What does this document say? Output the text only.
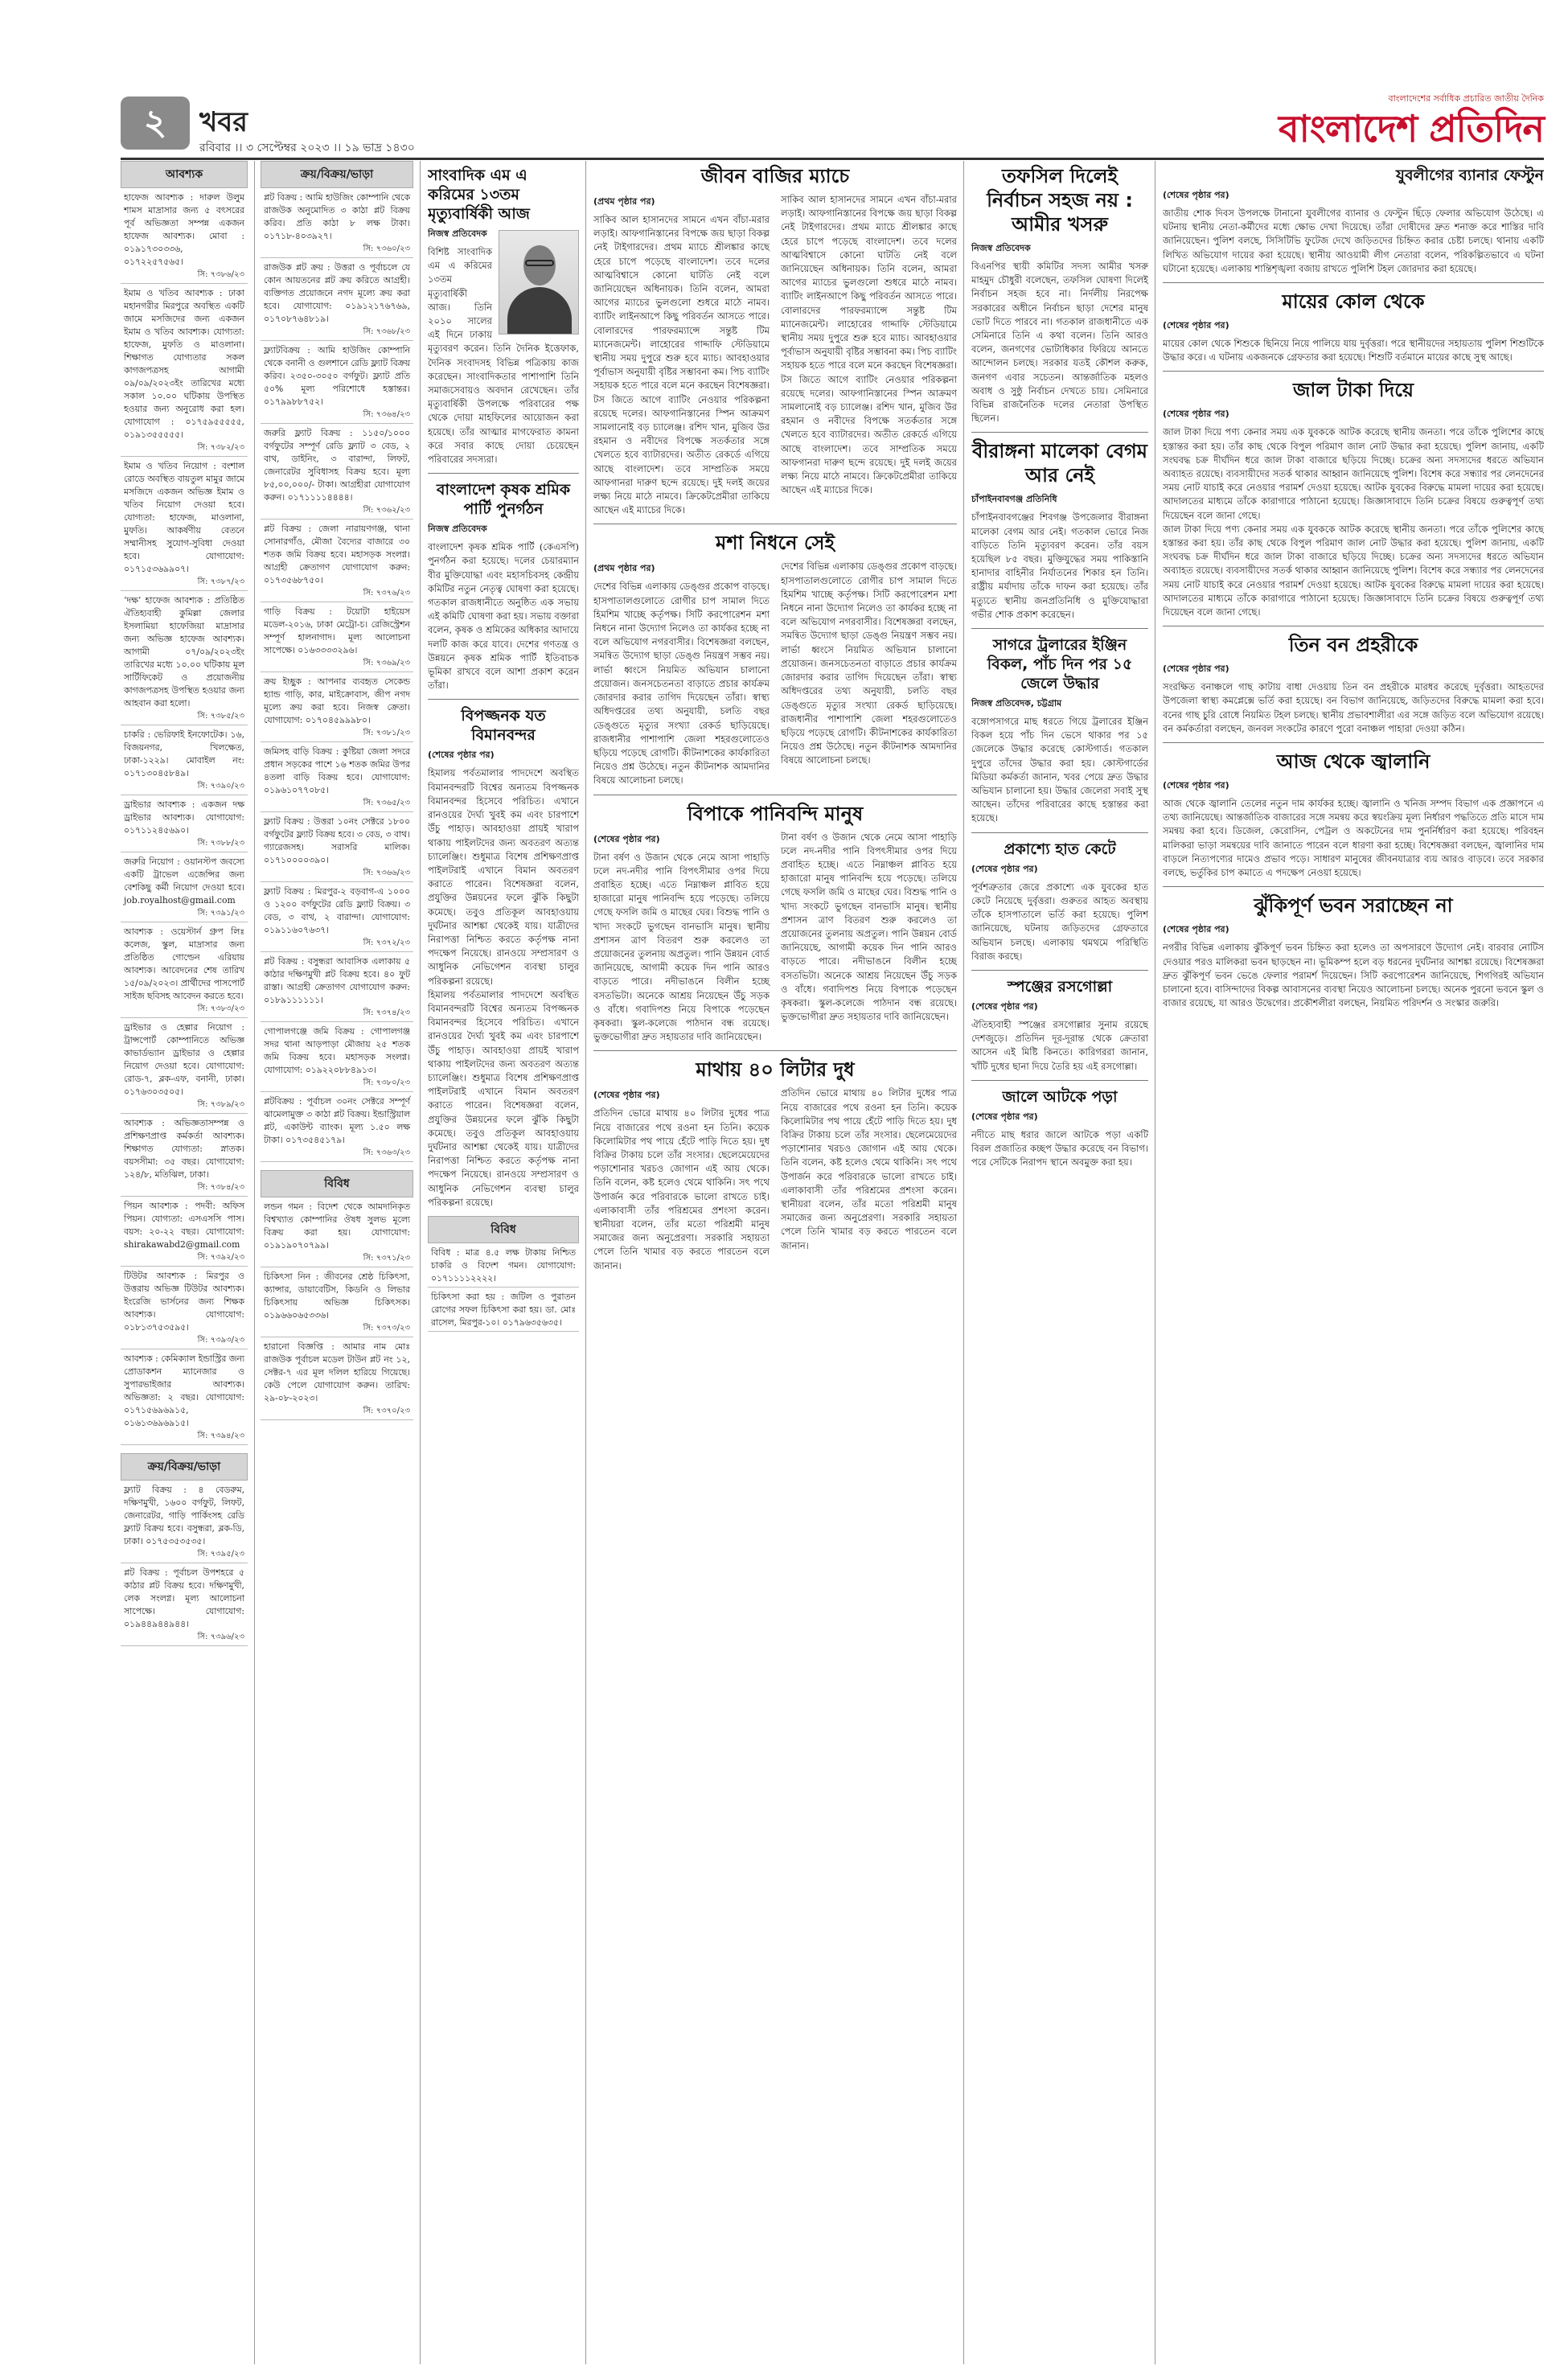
২	খবর
রবিবার ।। ৩ সেপ্টেম্বর ২০২৩ ।। ১৯ ভাদ্র ১৪৩০
বাংলাদেশের সর্বাধিক প্রচারিত জাতীয় দৈনিক
বাংলাদেশ প্রতিদিন
আবশ্যক
হাফেজ আবশ্যক : দারুল উলুম শামস মাদ্রাসার জন্য ৫ বৎসরের পূর্ব অভিজ্ঞতা সম্পন্ন একজন হাফেজ আবশ্যক। মোবা : ০১৯১৭৩০৩৩৬, ০১৭২২৫৭৫৬৫।
সি: ৭৩৮৬/২৩
ইমাম ও খতিব আবশ্যক : ঢাকা মহানগরীর মিরপুরে অবস্থিত একটি জামে মসজিদের জন্য একজন ইমাম ও খতিব আবশ্যক। যোগ্যতা: হাফেজ, মুফতি ও মাওলানা। শিক্ষাগত যোগ্যতার সকল কাগজপত্রসহ আগামী ০৯/০৯/২০২৩ইং তারিখের মধ্যে সকাল ১০.০০ ঘটিকায় উপস্থিত হওয়ার জন্য অনুরোধ করা হল। যোগাযোগ : ০১৭৫৯৫৫৫৫৫, ০১৯১৩৫৫৫৫৫।
সি: ৭৩৮২/২৩
ইমাম ও খতিব নিয়োগ : বংশাল রোডে অবস্থিত বায়তুল মামুর জামে মসজিদে একজন অভিজ্ঞ ইমাম ও খতিব নিয়োগ দেওয়া হবে। যোগ্যতা: হাফেজ, মাওলানা, মুফতি। আকর্ষণীয় বেতনে সম্মানীসহ সুযোগ-সুবিধা দেওয়া হবে। যোগাযোগ: ০১৭১৫৩৬৯৯০৭।
সি: ৭৩৮৭/২৩
‘দক্ষ’ হাফেজ আবশ্যক : প্রতিষ্ঠিত ঐতিহ্যবাহী কুমিল্লা জেলার ইসলামিয়া হাফেজিয়া মাদ্রাসার জন্য অভিজ্ঞ হাফেজ আবশ্যক। আগামী ০৭/০৯/২০২৩ইং তারিখের মধ্যে ১০.০০ ঘটিকায় মূল সার্টিফিকেট ও প্রয়োজনীয় কাগজপত্রসহ উপস্থিত হওয়ার জন্য আহবান করা হলো।
সি: ৭৩৮৫/২৩
চাকরি : ভেরিফাই ইনফোটেক। ১৬, বিজয়নগর, খিলক্ষেত, ঢাকা-১২২৯। মোবাইল নং: ০১৭১৩০৪৫৮৪৯।
সি: ৭৩৯০/২৩
ড্রাইভার আবশ্যক : একজন দক্ষ ড্রাইভার আবশ্যক। যোগাযোগ: ০১৭১১২৪৫৬৯০।
সি: ৭৩৮৮/২৩
জরুরি নিয়োগ : ওয়ানস্টপ জবস্যে একটি ট্রাভেল এজেন্সির জন্য বেশকিছু কর্মী নিয়োগ দেওয়া হবে। job.royalhost@gmail.com
সি: ৭৩৯১/২৩
আবশ্যক : ওয়েস্টার্ন গ্রুপ লিঃ কলেজ, স্কুল, মাদ্রাসার জন্য প্রতিষ্ঠিত গোল্ডেন এরিয়ায় আবশ্যক। আবেদনের শেষ তারিখ ১৫/০৯/২০২৩। প্রার্থীদের পাসপোর্ট সাইজ ছবিসহ আবেদন করতে হবে।
সি: ৭৩৮৩/২৩
ড্রাইভার ও হেল্পার নিয়োগ : ট্রান্সপোর্ট কোম্পানিতে অভিজ্ঞ কাভার্ডভ্যান ড্রাইভার ও হেল্পার নিয়োগ দেওয়া হবে। যোগাযোগ: রোড-৭, ব্লক-এফ, বনানী, ঢাকা। ০১৭৬৩০৩৫০৫।
সি: ৭৩৮৯/২৩
আবশ্যক : অভিজ্ঞতাসম্পন্ন ও প্রশিক্ষণপ্রাপ্ত কর্মকর্তা আবশ্যক। শিক্ষাগত যোগ্যতা: স্নাতক। বয়সসীমা: ৩৫ বছর। যোগাযোগ: ১২৪/৮, মতিঝিল, ঢাকা।
সি: ৭৩৮৪/২৩
পিয়ন আবশ্যক : পদবী: অফিস পিয়ন। যোগ্যতা: এসএসসি পাস। বয়স: ২০-২২ বছর। যোগাযোগ: shirakawabd2@gmail.com
সি: ৭৩৯২/২৩
টিউটর আবশ্যক : মিরপুর ও উত্তরায় অভিজ্ঞ টিউটর আবশ্যক। ইংরেজি ভার্সনের জন্য শিক্ষক আবশ্যক। যোগাযোগ: ০১৮১৩৭৫৩৫৯৫।
সি: ৭৩৯৩/২৩
আবশ্যক : কেমিক্যাল ইন্ডাস্ট্রির জন্য প্রোডাকশন ম্যানেজার ও সুপারভাইজার আবশ্যক। অভিজ্ঞতা: ২ বছর। যোগাযোগ: ০১৭১৫৬৯৬৯১৫, ০১৬১৩৬৯৬৯১৫।
সি: ৭৩৯৪/২৩
ক্রয়/বিক্রয়/ভাড়া
ফ্ল্যাট বিক্রয় : ৪ বেডরুম, দক্ষিণমুখী, ১৬০০ বর্গফুট, লিফট, জেনারেটর, গাড়ি পার্কিংসহ রেডি ফ্ল্যাট বিক্রয় হবে। বসুন্ধরা, ব্লক-ডি, ঢাকা। ০১৭৫৩৫৩৫৩৫।
সি: ৭৩৯৫/২৩
প্লট বিক্রয় : পূর্বাচল উপশহরে ৫ কাঠার প্লট বিক্রয় হবে। দক্ষিণমুখী, লেক সংলগ্ন। মূল্য আলোচনা সাপেক্ষে। যোগাযোগ: ০১৯৪৪৯৪৪৯৪৪।
সি: ৭৩৯৬/২৩
ক্রয়/বিক্রয়/ভাড়া
প্লট বিক্রয় : আমি হাউজিং কোম্পানি থেকে রাজউক অনুমোদিত ৩ কাঠা প্লট বিক্রয় করিব। প্রতি কাঠা ৮ লক্ষ টাকা। ০১৭১৮-৪০৩৯২৭।
সি: ৭৩৬০/২৩
রাজউক প্লট ক্রয় : উত্তরা ও পূর্বাচলে যে কোন আয়তনের প্লট ক্রয় করিতে আগ্রহী। ব্যক্তিগত প্রয়োজনে নগদ মূল্যে ক্রয় করা হবে। যোগাযোগ: ০১৯১২১৭৬৭৬৯, ০১৭০৮৭৬৪৮১৯।
সি: ৭৩৬৮/২৩
ফ্ল্যাটবিক্রয় : আমি হাউজিং কোম্পানি থেকে বনানী ও গুলশানে রেডি ফ্ল্যাট বিক্রয় করিব। ২৩৫০-৩০৫০ বর্গফুট। ফ্ল্যাট প্রতি ৫০% মূল্য পরিশোধে হস্তান্তর। ০১৭৯৯৮৮৭৫২।
সি: ৭৩৬৪/২৩
জরুরি ফ্ল্যাট বিক্রয় : ১১৫০/১০০০ বর্গফুটের সম্পূর্ণ রেডি ফ্ল্যাট ৩ বেড, ২ বাথ, ডাইনিং, ৩ বারান্দা, লিফট, জেনারেটর সুবিধাসহ বিক্রয় হবে। মূল্য ৮৫,০০,০০০/- টাকা। আগ্রহীরা যোগাযোগ করুন। ০১৭১১১১৪৪৪৪।
সি: ৭৩৬২/২৩
প্লট বিক্রয় : জেলা নারায়ণগঞ্জ, থানা সোনারগাঁও, মৌজা বৈদ্যের বাজারে ৩০ শতক জমি বিক্রয় হবে। মহাসড়ক সংলগ্ন। আগ্রহী ক্রেতাগণ যোগাযোগ করুন: ০১৭৩৫৬৮৭৫০।
সি: ৭৩৭৬/২৩
গাড়ি বিক্রয় : টয়োটা হাইয়েস মডেল-২০১৬, ঢাকা মেট্রো-চ। রেজিস্ট্রেশন সম্পূর্ণ হালনাগাদ। মূল্য আলোচনা সাপেক্ষে। ০১৬৩৩৩৩২৯৬।
সি: ৭৩৬৯/২৩
ক্রয় ইচ্ছুক : আপনার ব্যবহৃত সেকেন্ড হ্যান্ড গাড়ি, কার, মাইক্রোবাস, জীপ নগদ মূল্যে ক্রয় করা হবে। নিজস্ব ক্রেতা। যোগাযোগ: ০১৭০৪৫৯৯৯৮০।
সি: ৭৩৮১/২৩
জমিসহ বাড়ি বিক্রয় : কুষ্টিয়া জেলা সদরে প্রধান সড়কের পাশে ১৬ শতক জমির উপর ৪তলা বাড়ি বিক্রয় হবে। যোগাযোগ: ০১৯৬১০৭৭০৮৫।
সি: ৭৩৬৫/২৩
ফ্ল্যাট বিক্রয় : উত্তরা ১০নং সেক্টরে ১৮০০ বর্গফুটের ফ্ল্যাট বিক্রয় হবে। ৩ বেড, ৩ বাথ। গ্যারেজসহ। সরাসরি মালিক। ০১৭১০০০০৩৯০।
সি: ৭৩৬৬/২৩
ফ্ল্যাট বিক্রয় : মিরপুর-২ বড়বাগ-এ ১০০০ ও ১২০০ বর্গফুটের রেডি ফ্ল্যাট বিক্রয়। ৩ বেড, ৩ বাথ, ২ বারান্দা। যোগাযোগ: ০১৯১১৬০৭৬৩৭।
সি: ৭৩৭২/২৩
প্লট বিক্রয় : বসুন্ধরা আবাসিক এলাকায় ৫ কাঠার দক্ষিণমুখী প্লট বিক্রয় হবে। ৪০ ফুট রাস্তা। আগ্রহী ক্রেতাগণ যোগাযোগ করুন: ০১৮৯১১১১১১।
সি: ৭৩৭৪/২৩
গোপালগঞ্জে জমি বিক্রয় : গোপালগঞ্জ সদর থানা আড়পাড়া মৌজায় ২৫ শতক জমি বিক্রয় হবে। মহাসড়ক সংলগ্ন। যোগাযোগ: ০১৯২২০৮৮৪৯১৩।
সি: ৭৩৮০/২৩
প্লটবিক্রয় : পূর্বাচল ৩০নং সেক্টরে সম্পূর্ণ ঝামেলামুক্ত ৩ কাঠা প্লট বিক্রয়। ইন্ডাস্ট্রিয়াল প্লট, একাউন্ট ব্যাংক। মূল্য ১.৫০ লক্ষ টাকা। ০১৭৩৫৪৫১৭৯।
সি: ৭৩৬৩/২৩
বিবিধ
লন্ডন গমন : বিদেশ থেকে আমদানিকৃত বিশ্বখ্যাত কোম্পানির ঔষধ সুলভ মূল্যে বিক্রয় করা হয়। যোগাযোগ: ০১৯১৯০৭০৭৯৯।
সি: ৭৩৭১/২৩
চিকিৎসা নিন : জীবনের শ্রেষ্ঠ চিকিৎসা, ক্যান্সার, ডায়াবেটিস, কিডনি ও লিভার চিকিৎসায় অভিজ্ঞ চিকিৎসক। ০১৯৬৬০৬৫৩৩৬।
সি: ৭৩৭৩/২৩
হারানো বিজ্ঞপ্তি : আমার নাম মোঃ রাজউক পূর্বাচল মডেল টাউন প্লট নং ১২, সেক্টর-৭ এর মূল দলিল হারিয়ে গিয়েছে। কেউ পেলে যোগাযোগ করুন। তারিখ: ২৯-০৮-২০২৩।
সি: ৭৩৭০/২৩
সাংবাদিক এম এ করিমের ১৩তম মৃত্যুবার্ষিকী আজ
নিজস্ব প্রতিবেদক
বিশিষ্ট সাংবাদিক এম এ করিমের ১৩তম মৃত্যুবার্ষিকী আজ। তিনি ২০১০ সালের এই দিনে ঢাকায় মৃত্যুবরণ করেন। তিনি দৈনিক ইত্তেফাক, দৈনিক সংবাদসহ বিভিন্ন পত্রিকায় কাজ করেছেন। সাংবাদিকতার পাশাপাশি তিনি সমাজসেবায়ও অবদান রেখেছেন। তাঁর মৃত্যুবার্ষিকী উপলক্ষে পরিবারের পক্ষ থেকে দোয়া মাহফিলের আয়োজন করা হয়েছে। তাঁর আত্মার মাগফেরাত কামনা করে সবার কাছে দোয়া চেয়েছেন পরিবারের সদস্যরা।
বাংলাদেশ কৃষক শ্রমিক পার্টি পুনর্গঠন
নিজস্ব প্রতিবেদক
বাংলাদেশ কৃষক শ্রমিক পার্টি (কেএসপি) পুনর্গঠন করা হয়েছে। দলের চেয়ারম্যান বীর মুক্তিযোদ্ধা এবং মহাসচিবসহ কেন্দ্রীয় কমিটির নতুন নেতৃত্ব ঘোষণা করা হয়েছে। গতকাল রাজধানীতে অনুষ্ঠিত এক সভায় এই কমিটি ঘোষণা করা হয়। সভায় বক্তারা বলেন, কৃষক ও শ্রমিকের অধিকার আদায়ে দলটি কাজ করে যাবে। দেশের গণতন্ত্র ও উন্নয়নে কৃষক শ্রমিক পার্টি ইতিবাচক ভূমিকা রাখবে বলে আশা প্রকাশ করেন তাঁরা।
বিপজ্জনক যত বিমানবন্দর
(শেষের পৃষ্ঠার পর)
হিমালয় পর্বতমালার পাদদেশে অবস্থিত বিমানবন্দরটি বিশ্বের অন্যতম বিপজ্জনক বিমানবন্দর হিসেবে পরিচিত। এখানে রানওয়ের দৈর্ঘ্য খুবই কম এবং চারপাশে উঁচু পাহাড়। আবহাওয়া প্রায়ই খারাপ থাকায় পাইলটদের জন্য অবতরণ অত্যন্ত চ্যালেঞ্জিং। শুধুমাত্র বিশেষ প্রশিক্ষণপ্রাপ্ত পাইলটরাই এখানে বিমান অবতরণ করাতে পারেন। বিশেষজ্ঞরা বলেন, প্রযুক্তির উন্নয়নের ফলে ঝুঁকি কিছুটা কমেছে। তবুও প্রতিকূল আবহাওয়ায় দুর্ঘটনার আশঙ্কা থেকেই যায়। যাত্রীদের নিরাপত্তা নিশ্চিত করতে কর্তৃপক্ষ নানা পদক্ষেপ নিয়েছে। রানওয়ে সম্প্রসারণ ও আধুনিক নেভিগেশন ব্যবস্থা চালুর পরিকল্পনা রয়েছে।
হিমালয় পর্বতমালার পাদদেশে অবস্থিত বিমানবন্দরটি বিশ্বের অন্যতম বিপজ্জনক বিমানবন্দর হিসেবে পরিচিত। এখানে রানওয়ের দৈর্ঘ্য খুবই কম এবং চারপাশে উঁচু পাহাড়। আবহাওয়া প্রায়ই খারাপ থাকায় পাইলটদের জন্য অবতরণ অত্যন্ত চ্যালেঞ্জিং। শুধুমাত্র বিশেষ প্রশিক্ষণপ্রাপ্ত পাইলটরাই এখানে বিমান অবতরণ করাতে পারেন। বিশেষজ্ঞরা বলেন, প্রযুক্তির উন্নয়নের ফলে ঝুঁকি কিছুটা কমেছে। তবুও প্রতিকূল আবহাওয়ায় দুর্ঘটনার আশঙ্কা থেকেই যায়। যাত্রীদের নিরাপত্তা নিশ্চিত করতে কর্তৃপক্ষ নানা পদক্ষেপ নিয়েছে। রানওয়ে সম্প্রসারণ ও আধুনিক নেভিগেশন ব্যবস্থা চালুর পরিকল্পনা রয়েছে।
বিবিধ
বিবিধ : মাত্র ৪.৫ লক্ষ টাকায় নিশ্চিত চাকরি ও বিদেশ গমন। যোগাযোগ: ০১৭১১১১২২২২।
চিকিৎসা করা হয় : জটিল ও পুরাতন রোগের সফল চিকিৎসা করা হয়। ডা. মোঃ রাসেল, মিরপুর-১০। ০১৭৯৬৩৫৬৩৫।
জীবন বাজির ম্যাচে
(প্রথম পৃষ্ঠার পর)
সাকিব আল হাসানদের সামনে এখন বাঁচা-মরার লড়াই। আফগানিস্তানের বিপক্ষে জয় ছাড়া বিকল্প নেই টাইগারদের। প্রথম ম্যাচে শ্রীলঙ্কার কাছে হেরে চাপে পড়েছে বাংলাদেশ। তবে দলের আত্মবিশ্বাসে কোনো ঘাটতি নেই বলে জানিয়েছেন অধিনায়ক। তিনি বলেন, আমরা আগের ম্যাচের ভুলগুলো শুধরে মাঠে নামব। ব্যাটিং লাইনআপে কিছু পরিবর্তন আসতে পারে। বোলারদের পারফরম্যান্সে সন্তুষ্ট টিম ম্যানেজমেন্ট। লাহোরের গাদ্দাফি স্টেডিয়ামে স্থানীয় সময় দুপুরে শুরু হবে ম্যাচ। আবহাওয়ার পূর্বাভাস অনুযায়ী বৃষ্টির সম্ভাবনা কম। পিচ ব্যাটিং সহায়ক হতে পারে বলে মনে করছেন বিশেষজ্ঞরা। টস জিতে আগে ব্যাটিং নেওয়ার পরিকল্পনা রয়েছে দলের। আফগানিস্তানের স্পিন আক্রমণ সামলানোই বড় চ্যালেঞ্জ। রশিদ খান, মুজিব উর রহমান ও নবীদের বিপক্ষে সতর্কতার সঙ্গে খেলতে হবে ব্যাটারদের। অতীত রেকর্ডে এগিয়ে আছে বাংলাদেশ। তবে সাম্প্রতিক সময়ে আফগানরা দারুণ ছন্দে রয়েছে। দুই দলই জয়ের লক্ষ্য নিয়ে মাঠে নামবে। ক্রিকেটপ্রেমীরা তাকিয়ে আছেন এই ম্যাচের দিকে।
সাকিব আল হাসানদের সামনে এখন বাঁচা-মরার লড়াই। আফগানিস্তানের বিপক্ষে জয় ছাড়া বিকল্প নেই টাইগারদের। প্রথম ম্যাচে শ্রীলঙ্কার কাছে হেরে চাপে পড়েছে বাংলাদেশ। তবে দলের আত্মবিশ্বাসে কোনো ঘাটতি নেই বলে জানিয়েছেন অধিনায়ক। তিনি বলেন, আমরা আগের ম্যাচের ভুলগুলো শুধরে মাঠে নামব। ব্যাটিং লাইনআপে কিছু পরিবর্তন আসতে পারে। বোলারদের পারফরম্যান্সে সন্তুষ্ট টিম ম্যানেজমেন্ট। লাহোরের গাদ্দাফি স্টেডিয়ামে স্থানীয় সময় দুপুরে শুরু হবে ম্যাচ। আবহাওয়ার পূর্বাভাস অনুযায়ী বৃষ্টির সম্ভাবনা কম। পিচ ব্যাটিং সহায়ক হতে পারে বলে মনে করছেন বিশেষজ্ঞরা। টস জিতে আগে ব্যাটিং নেওয়ার পরিকল্পনা রয়েছে দলের। আফগানিস্তানের স্পিন আক্রমণ সামলানোই বড় চ্যালেঞ্জ। রশিদ খান, মুজিব উর রহমান ও নবীদের বিপক্ষে সতর্কতার সঙ্গে খেলতে হবে ব্যাটারদের। অতীত রেকর্ডে এগিয়ে আছে বাংলাদেশ। তবে সাম্প্রতিক সময়ে আফগানরা দারুণ ছন্দে রয়েছে। দুই দলই জয়ের লক্ষ্য নিয়ে মাঠে নামবে। ক্রিকেটপ্রেমীরা তাকিয়ে আছেন এই ম্যাচের দিকে।
মশা নিধনে সেই
(প্রথম পৃষ্ঠার পর)
দেশের বিভিন্ন এলাকায় ডেঙ্গুর প্রকোপ বাড়ছে। হাসপাতালগুলোতে রোগীর চাপ সামাল দিতে হিমশিম খাচ্ছে কর্তৃপক্ষ। সিটি করপোরেশন মশা নিধনে নানা উদ্যোগ নিলেও তা কার্যকর হচ্ছে না বলে অভিযোগ নগরবাসীর। বিশেষজ্ঞরা বলছেন, সমন্বিত উদ্যোগ ছাড়া ডেঙ্গু নিয়ন্ত্রণ সম্ভব নয়। লার্ভা ধ্বংসে নিয়মিত অভিযান চালানো প্রয়োজন। জনসচেতনতা বাড়াতে প্রচার কার্যক্রম জোরদার করার তাগিদ দিয়েছেন তাঁরা। স্বাস্থ্য অধিদপ্তরের তথ্য অনুযায়ী, চলতি বছর ডেঙ্গুতে মৃত্যুর সংখ্যা রেকর্ড ছাড়িয়েছে। রাজধানীর পাশাপাশি জেলা শহরগুলোতেও ছড়িয়ে পড়েছে রোগটি। কীটনাশকের কার্যকারিতা নিয়েও প্রশ্ন উঠেছে। নতুন কীটনাশক আমদানির বিষয়ে আলোচনা চলছে।
দেশের বিভিন্ন এলাকায় ডেঙ্গুর প্রকোপ বাড়ছে। হাসপাতালগুলোতে রোগীর চাপ সামাল দিতে হিমশিম খাচ্ছে কর্তৃপক্ষ। সিটি করপোরেশন মশা নিধনে নানা উদ্যোগ নিলেও তা কার্যকর হচ্ছে না বলে অভিযোগ নগরবাসীর। বিশেষজ্ঞরা বলছেন, সমন্বিত উদ্যোগ ছাড়া ডেঙ্গু নিয়ন্ত্রণ সম্ভব নয়। লার্ভা ধ্বংসে নিয়মিত অভিযান চালানো প্রয়োজন। জনসচেতনতা বাড়াতে প্রচার কার্যক্রম জোরদার করার তাগিদ দিয়েছেন তাঁরা। স্বাস্থ্য অধিদপ্তরের তথ্য অনুযায়ী, চলতি বছর ডেঙ্গুতে মৃত্যুর সংখ্যা রেকর্ড ছাড়িয়েছে। রাজধানীর পাশাপাশি জেলা শহরগুলোতেও ছড়িয়ে পড়েছে রোগটি। কীটনাশকের কার্যকারিতা নিয়েও প্রশ্ন উঠেছে। নতুন কীটনাশক আমদানির বিষয়ে আলোচনা চলছে।
বিপাকে পানিবন্দি মানুষ
(শেষের পৃষ্ঠার পর)
টানা বর্ষণ ও উজান থেকে নেমে আসা পাহাড়ি ঢলে নদ-নদীর পানি বিপৎসীমার ওপর দিয়ে প্রবাহিত হচ্ছে। এতে নিম্নাঞ্চল প্লাবিত হয়ে হাজারো মানুষ পানিবন্দি হয়ে পড়েছে। তলিয়ে গেছে ফসলি জমি ও মাছের ঘের। বিশুদ্ধ পানি ও খাদ্য সংকটে ভুগছেন বানভাসি মানুষ। স্থানীয় প্রশাসন ত্রাণ বিতরণ শুরু করলেও তা প্রয়োজনের তুলনায় অপ্রতুল। পানি উন্নয়ন বোর্ড জানিয়েছে, আগামী কয়েক দিন পানি আরও বাড়তে পারে। নদীভাঙনে বিলীন হচ্ছে বসতভিটা। অনেকে আশ্রয় নিয়েছেন উঁচু সড়ক ও বাঁধে। গবাদিপশু নিয়ে বিপাকে পড়েছেন কৃষকরা। স্কুল-কলেজে পাঠদান বন্ধ রয়েছে। ভুক্তভোগীরা দ্রুত সহায়তার দাবি জানিয়েছেন।
টানা বর্ষণ ও উজান থেকে নেমে আসা পাহাড়ি ঢলে নদ-নদীর পানি বিপৎসীমার ওপর দিয়ে প্রবাহিত হচ্ছে। এতে নিম্নাঞ্চল প্লাবিত হয়ে হাজারো মানুষ পানিবন্দি হয়ে পড়েছে। তলিয়ে গেছে ফসলি জমি ও মাছের ঘের। বিশুদ্ধ পানি ও খাদ্য সংকটে ভুগছেন বানভাসি মানুষ। স্থানীয় প্রশাসন ত্রাণ বিতরণ শুরু করলেও তা প্রয়োজনের তুলনায় অপ্রতুল। পানি উন্নয়ন বোর্ড জানিয়েছে, আগামী কয়েক দিন পানি আরও বাড়তে পারে। নদীভাঙনে বিলীন হচ্ছে বসতভিটা। অনেকে আশ্রয় নিয়েছেন উঁচু সড়ক ও বাঁধে। গবাদিপশু নিয়ে বিপাকে পড়েছেন কৃষকরা। স্কুল-কলেজে পাঠদান বন্ধ রয়েছে। ভুক্তভোগীরা দ্রুত সহায়তার দাবি জানিয়েছেন।
মাথায় ৪০ লিটার দুধ
(শেষের পৃষ্ঠার পর)
প্রতিদিন ভোরে মাথায় ৪০ লিটার দুধের পাত্র নিয়ে বাজারের পথে রওনা হন তিনি। কয়েক কিলোমিটার পথ পায়ে হেঁটে পাড়ি দিতে হয়। দুধ বিক্রির টাকায় চলে তাঁর সংসার। ছেলেমেয়েদের পড়াশোনার খরচও জোগান এই আয় থেকে। তিনি বলেন, কষ্ট হলেও থেমে থাকিনি। সৎ পথে উপার্জন করে পরিবারকে ভালো রাখতে চাই। এলাকাবাসী তাঁর পরিশ্রমের প্রশংসা করেন। স্থানীয়রা বলেন, তাঁর মতো পরিশ্রমী মানুষ সমাজের জন্য অনুপ্রেরণা। সরকারি সহায়তা পেলে তিনি খামার বড় করতে পারতেন বলে জানান।
প্রতিদিন ভোরে মাথায় ৪০ লিটার দুধের পাত্র নিয়ে বাজারের পথে রওনা হন তিনি। কয়েক কিলোমিটার পথ পায়ে হেঁটে পাড়ি দিতে হয়। দুধ বিক্রির টাকায় চলে তাঁর সংসার। ছেলেমেয়েদের পড়াশোনার খরচও জোগান এই আয় থেকে। তিনি বলেন, কষ্ট হলেও থেমে থাকিনি। সৎ পথে উপার্জন করে পরিবারকে ভালো রাখতে চাই। এলাকাবাসী তাঁর পরিশ্রমের প্রশংসা করেন। স্থানীয়রা বলেন, তাঁর মতো পরিশ্রমী মানুষ সমাজের জন্য অনুপ্রেরণা। সরকারি সহায়তা পেলে তিনি খামার বড় করতে পারতেন বলে জানান।
তফসিল দিলেই নির্বাচন সহজ নয় : আমীর খসরু
নিজস্ব প্রতিবেদক
বিএনপির স্থায়ী কমিটির সদস্য আমীর খসরু মাহমুদ চৌধুরী বলেছেন, তফসিল ঘোষণা দিলেই নির্বাচন সহজ হবে না। নির্দলীয় নিরপেক্ষ সরকারের অধীনে নির্বাচন ছাড়া দেশের মানুষ ভোট দিতে পারবে না। গতকাল রাজধানীতে এক সেমিনারে তিনি এ কথা বলেন। তিনি আরও বলেন, জনগণের ভোটাধিকার ফিরিয়ে আনতে আন্দোলন চলছে। সরকার যতই কৌশল করুক, জনগণ এবার সচেতন। আন্তর্জাতিক মহলও অবাধ ও সুষ্ঠু নির্বাচন দেখতে চায়। সেমিনারে বিভিন্ন রাজনৈতিক দলের নেতারা উপস্থিত ছিলেন।
বীরাঙ্গনা মালেকা বেগম আর নেই
চাঁপাইনবাবগঞ্জ প্রতিনিধি
চাঁপাইনবাবগঞ্জের শিবগঞ্জ উপজেলার বীরাঙ্গনা মালেকা বেগম আর নেই। গতকাল ভোরে নিজ বাড়িতে তিনি মৃত্যুবরণ করেন। তাঁর বয়স হয়েছিল ৮৫ বছর। মুক্তিযুদ্ধের সময় পাকিস্তানি হানাদার বাহিনীর নির্যাতনের শিকার হন তিনি। রাষ্ট্রীয় মর্যাদায় তাঁকে দাফন করা হয়েছে। তাঁর মৃত্যুতে স্থানীয় জনপ্রতিনিধি ও মুক্তিযোদ্ধারা গভীর শোক প্রকাশ করেছেন।
সাগরে ট্রলারের ইঞ্জিন বিকল, পাঁচ দিন পর ১৫ জেলে উদ্ধার
নিজস্ব প্রতিবেদক, চট্টগ্রাম
বঙ্গোপসাগরে মাছ ধরতে গিয়ে ট্রলারের ইঞ্জিন বিকল হয়ে পাঁচ দিন ভেসে থাকার পর ১৫ জেলেকে উদ্ধার করেছে কোস্টগার্ড। গতকাল দুপুরে তাঁদের উদ্ধার করা হয়। কোস্টগার্ডের মিডিয়া কর্মকর্তা জানান, খবর পেয়ে দ্রুত উদ্ধার অভিযান চালানো হয়। উদ্ধার জেলেরা সবাই সুস্থ আছেন। তাঁদের পরিবারের কাছে হস্তান্তর করা হয়েছে।
প্রকাশ্যে হাত কেটে
(শেষের পৃষ্ঠার পর)
পূর্বশত্রুতার জেরে প্রকাশ্যে এক যুবকের হাত কেটে নিয়েছে দুর্বৃত্তরা। গুরুতর আহত অবস্থায় তাঁকে হাসপাতালে ভর্তি করা হয়েছে। পুলিশ জানিয়েছে, ঘটনায় জড়িতদের গ্রেফতারে অভিযান চলছে। এলাকায় থমথমে পরিস্থিতি বিরাজ করছে।
স্পঞ্জের রসগোল্লা
(শেষের পৃষ্ঠার পর)
ঐতিহ্যবাহী স্পঞ্জের রসগোল্লার সুনাম রয়েছে দেশজুড়ে। প্রতিদিন দূর-দূরান্ত থেকে ক্রেতারা আসেন এই মিষ্টি কিনতে। কারিগররা জানান, খাঁটি দুধের ছানা দিয়ে তৈরি হয় এই রসগোল্লা।
জালে আটকে পড়া
(শেষের পৃষ্ঠার পর)
নদীতে মাছ ধরার জালে আটকে পড়া একটি বিরল প্রজাতির কচ্ছপ উদ্ধার করেছে বন বিভাগ। পরে সেটিকে নিরাপদ স্থানে অবমুক্ত করা হয়।
যুবলীগের ব্যানার ফেস্টুন
(শেষের পৃষ্ঠার পর)
জাতীয় শোক দিবস উপলক্ষে টানানো যুবলীগের ব্যানার ও ফেস্টুন ছিঁড়ে ফেলার অভিযোগ উঠেছে। এ ঘটনায় স্থানীয় নেতা-কর্মীদের মধ্যে ক্ষোভ দেখা দিয়েছে। তাঁরা দোষীদের দ্রুত শনাক্ত করে শাস্তির দাবি জানিয়েছেন। পুলিশ বলছে, সিসিটিভি ফুটেজ দেখে জড়িতদের চিহ্নিত করার চেষ্টা চলছে। থানায় একটি লিখিত অভিযোগ দায়ের করা হয়েছে। স্থানীয় আওয়ামী লীগ নেতারা বলেন, পরিকল্পিতভাবে এ ঘটনা ঘটানো হয়েছে। এলাকায় শান্তিশৃঙ্খলা বজায় রাখতে পুলিশি টহল জোরদার করা হয়েছে।
মায়ের কোল থেকে
(শেষের পৃষ্ঠার পর)
মায়ের কোল থেকে শিশুকে ছিনিয়ে নিয়ে পালিয়ে যায় দুর্বৃত্তরা। পরে স্থানীয়দের সহায়তায় পুলিশ শিশুটিকে উদ্ধার করে। এ ঘটনায় একজনকে গ্রেফতার করা হয়েছে। শিশুটি বর্তমানে মায়ের কাছে সুস্থ আছে।
জাল টাকা দিয়ে
(শেষের পৃষ্ঠার পর)
জাল টাকা দিয়ে পণ্য কেনার সময় এক যুবককে আটক করেছে স্থানীয় জনতা। পরে তাঁকে পুলিশের কাছে হস্তান্তর করা হয়। তাঁর কাছ থেকে বিপুল পরিমাণ জাল নোট উদ্ধার করা হয়েছে। পুলিশ জানায়, একটি সংঘবদ্ধ চক্র দীর্ঘদিন ধরে জাল টাকা বাজারে ছড়িয়ে দিচ্ছে। চক্রের অন্য সদস্যদের ধরতে অভিযান অব্যাহত রয়েছে। ব্যবসায়ীদের সতর্ক থাকার আহ্বান জানিয়েছে পুলিশ। বিশেষ করে সন্ধ্যার পর লেনদেনের সময় নোট যাচাই করে নেওয়ার পরামর্শ দেওয়া হয়েছে। আটক যুবকের বিরুদ্ধে মামলা দায়ের করা হয়েছে। আদালতের মাধ্যমে তাঁকে কারাগারে পাঠানো হয়েছে। জিজ্ঞাসাবাদে তিনি চক্রের বিষয়ে গুরুত্বপূর্ণ তথ্য দিয়েছেন বলে জানা গেছে।
জাল টাকা দিয়ে পণ্য কেনার সময় এক যুবককে আটক করেছে স্থানীয় জনতা। পরে তাঁকে পুলিশের কাছে হস্তান্তর করা হয়। তাঁর কাছ থেকে বিপুল পরিমাণ জাল নোট উদ্ধার করা হয়েছে। পুলিশ জানায়, একটি সংঘবদ্ধ চক্র দীর্ঘদিন ধরে জাল টাকা বাজারে ছড়িয়ে দিচ্ছে। চক্রের অন্য সদস্যদের ধরতে অভিযান অব্যাহত রয়েছে। ব্যবসায়ীদের সতর্ক থাকার আহ্বান জানিয়েছে পুলিশ। বিশেষ করে সন্ধ্যার পর লেনদেনের সময় নোট যাচাই করে নেওয়ার পরামর্শ দেওয়া হয়েছে। আটক যুবকের বিরুদ্ধে মামলা দায়ের করা হয়েছে। আদালতের মাধ্যমে তাঁকে কারাগারে পাঠানো হয়েছে। জিজ্ঞাসাবাদে তিনি চক্রের বিষয়ে গুরুত্বপূর্ণ তথ্য দিয়েছেন বলে জানা গেছে।
তিন বন প্রহরীকে
(শেষের পৃষ্ঠার পর)
সংরক্ষিত বনাঞ্চলে গাছ কাটায় বাধা দেওয়ায় তিন বন প্রহরীকে মারধর করেছে দুর্বৃত্তরা। আহতদের উপজেলা স্বাস্থ্য কমপ্লেক্সে ভর্তি করা হয়েছে। বন বিভাগ জানিয়েছে, জড়িতদের বিরুদ্ধে মামলা করা হবে। বনের গাছ চুরি রোধে নিয়মিত টহল চলছে। স্থানীয় প্রভাবশালীরা এর সঙ্গে জড়িত বলে অভিযোগ রয়েছে। বন কর্মকর্তারা বলছেন, জনবল সংকটের কারণে পুরো বনাঞ্চল পাহারা দেওয়া কঠিন।
আজ থেকে জ্বালানি
(শেষের পৃষ্ঠার পর)
আজ থেকে জ্বালানি তেলের নতুন দাম কার্যকর হচ্ছে। জ্বালানি ও খনিজ সম্পদ বিভাগ এক প্রজ্ঞাপনে এ তথ্য জানিয়েছে। আন্তর্জাতিক বাজারের সঙ্গে সমন্বয় করে স্বয়ংক্রিয় মূল্য নির্ধারণ পদ্ধতিতে প্রতি মাসে দাম সমন্বয় করা হবে। ডিজেল, কেরোসিন, পেট্রল ও অকটেনের দাম পুনর্নির্ধারণ করা হয়েছে। পরিবহন মালিকরা ভাড়া সমন্বয়ের দাবি জানাতে পারেন বলে ধারণা করা হচ্ছে। বিশেষজ্ঞরা বলছেন, জ্বালানির দাম বাড়লে নিত্যপণ্যের দামেও প্রভাব পড়ে। সাধারণ মানুষের জীবনযাত্রার ব্যয় আরও বাড়বে। তবে সরকার বলছে, ভর্তুকির চাপ কমাতে এ পদক্ষেপ নেওয়া হয়েছে।
ঝুঁকিপূর্ণ ভবন সরাচ্ছেন না
(শেষের পৃষ্ঠার পর)
নগরীর বিভিন্ন এলাকায় ঝুঁকিপূর্ণ ভবন চিহ্নিত করা হলেও তা অপসারণে উদ্যোগ নেই। বারবার নোটিস দেওয়ার পরও মালিকরা ভবন ছাড়ছেন না। ভূমিকম্প হলে বড় ধরনের দুর্ঘটনার আশঙ্কা রয়েছে। বিশেষজ্ঞরা দ্রুত ঝুঁকিপূর্ণ ভবন ভেঙে ফেলার পরামর্শ দিয়েছেন। সিটি করপোরেশন জানিয়েছে, শিগগিরই অভিযান চালানো হবে। বাসিন্দাদের বিকল্প আবাসনের ব্যবস্থা নিয়েও আলোচনা চলছে। অনেক পুরনো ভবনে স্কুল ও বাজার রয়েছে, যা আরও উদ্বেগের। প্রকৌশলীরা বলছেন, নিয়মিত পরিদর্শন ও সংস্কার জরুরি।
